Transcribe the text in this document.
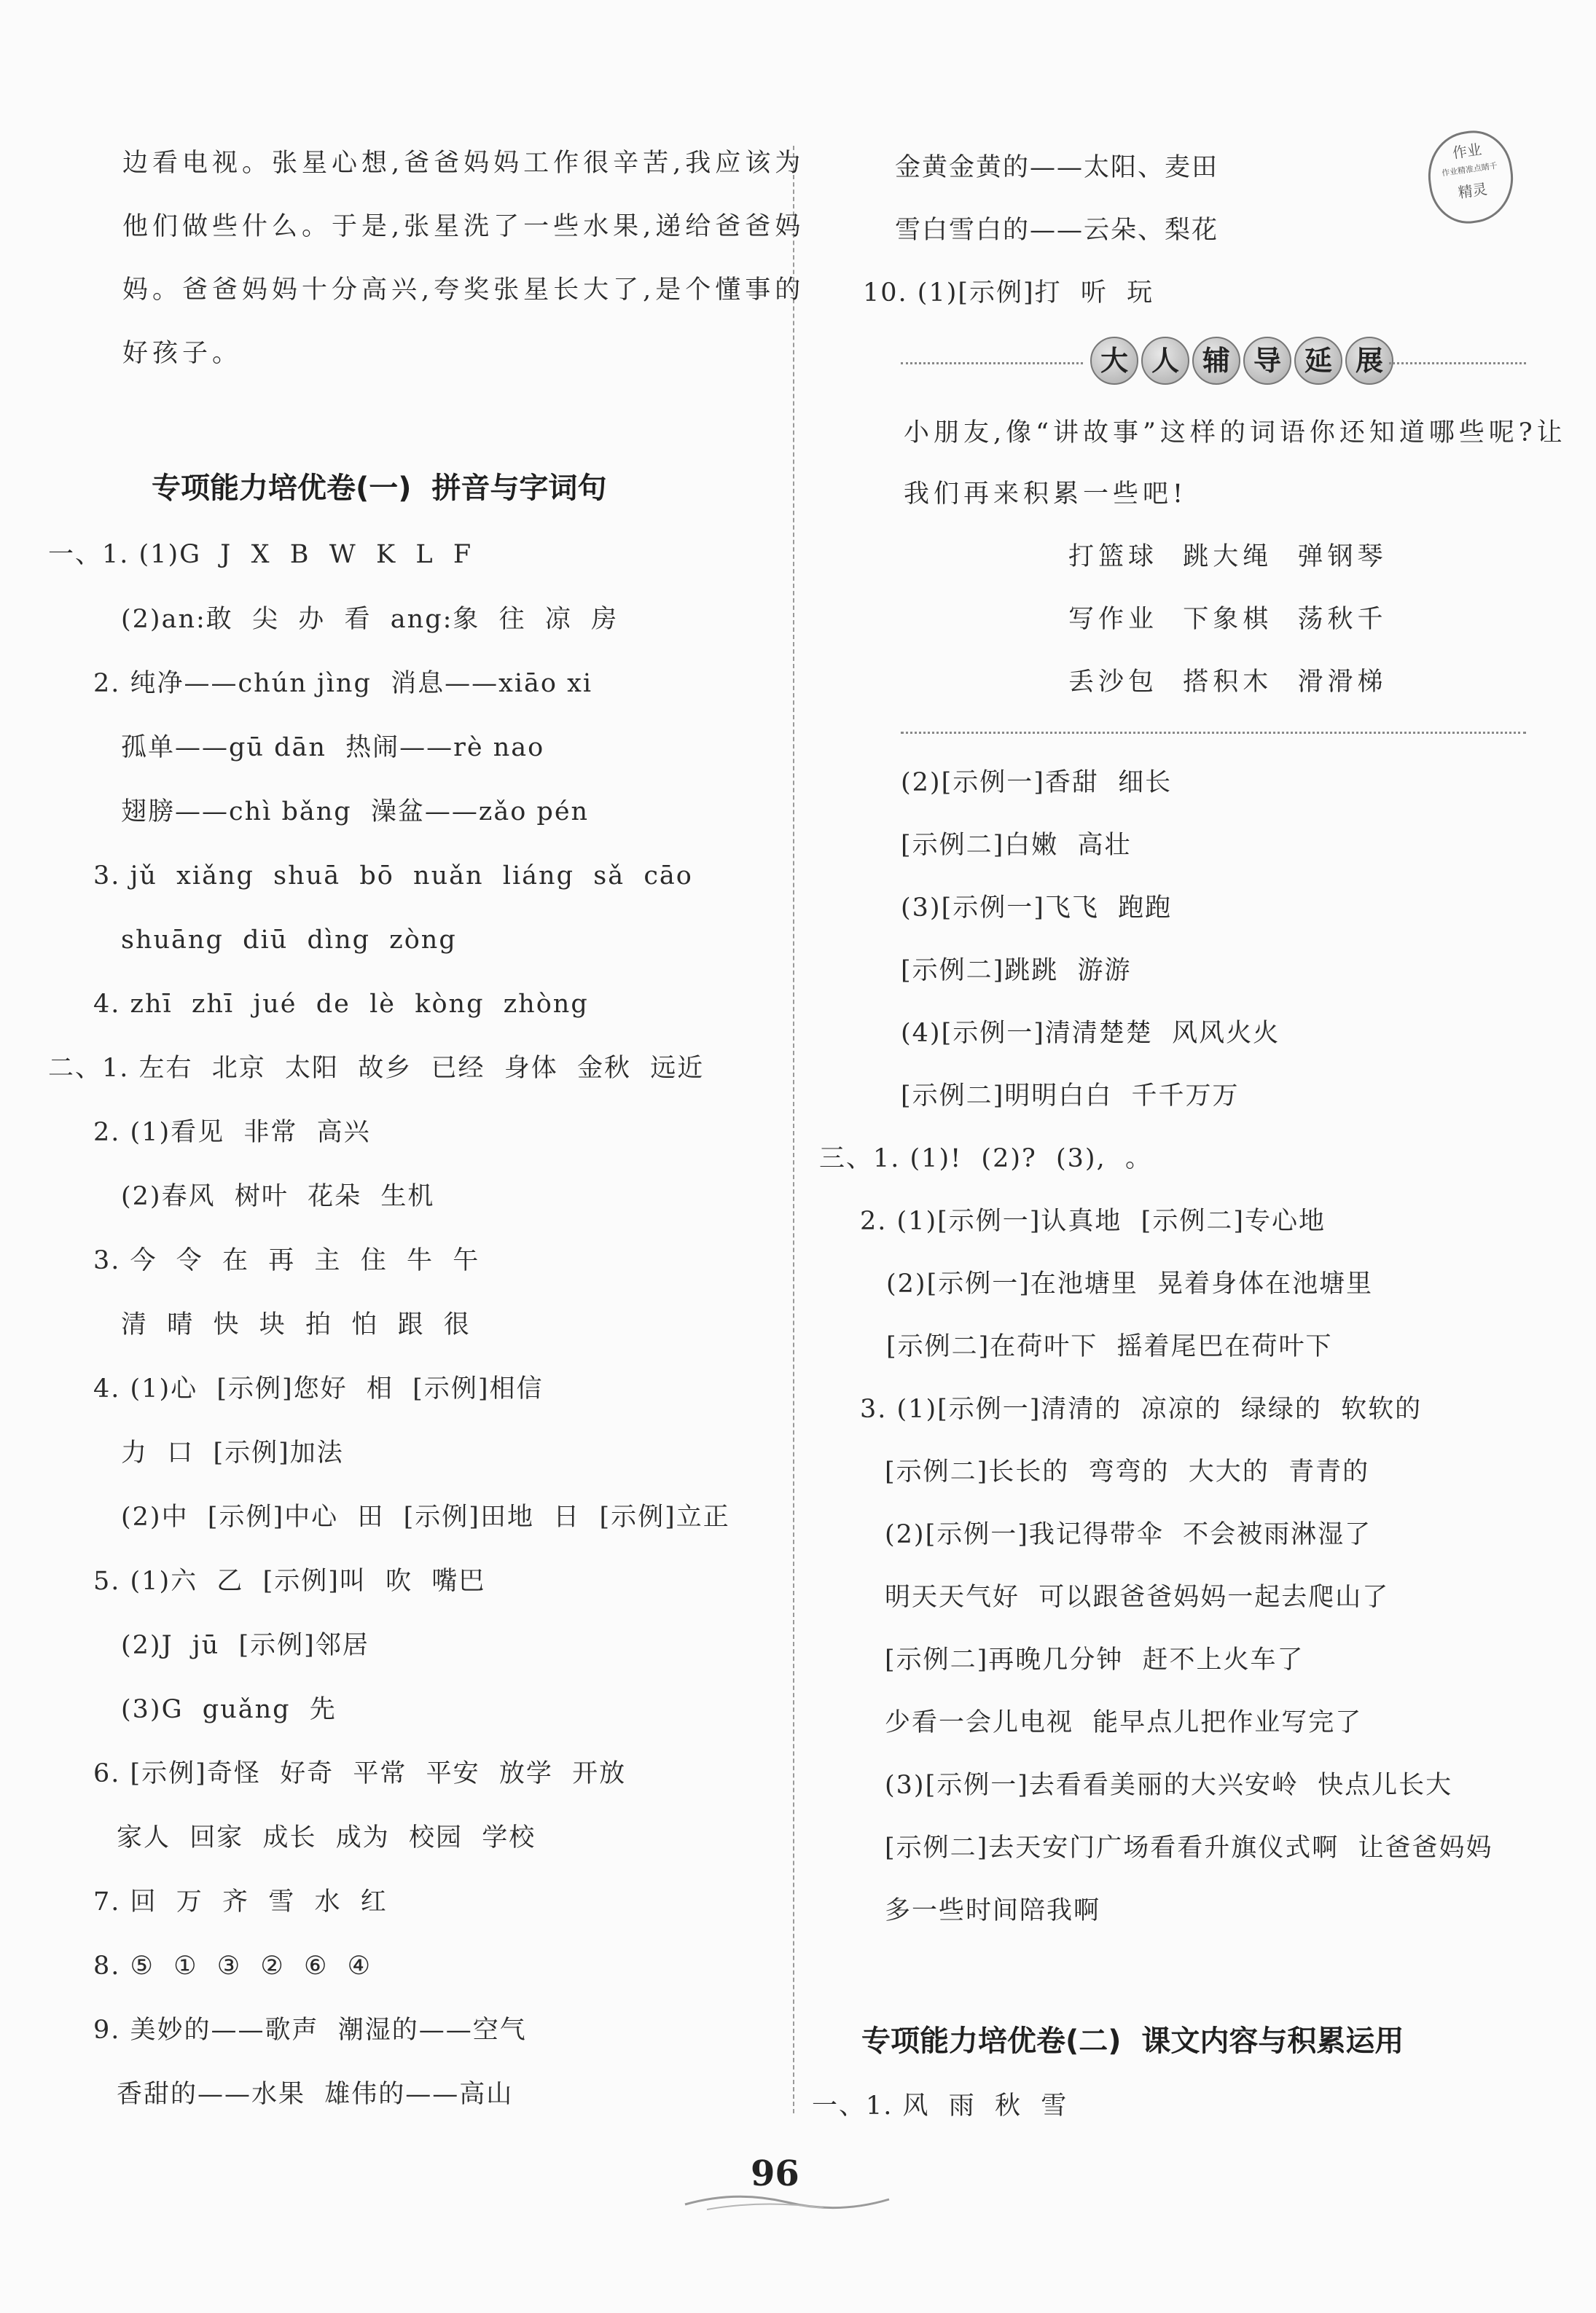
边看电视。张星心想,爸爸妈妈工作很辛苦,我应该为
他们做些什么。于是,张星洗了一些水果,递给爸爸妈
妈。爸爸妈妈十分高兴,夸奖张星长大了,是个懂事的
好孩子。
专项能力培优卷(一)  拼音与字词句
一、1. (1)G  J  X  B  W  K  L  F
(2)an:敢  尖  办  看  ang:象  往  凉  房
2. 纯净——chún jìng  消息——xiāo xi
孤单——gū dān  热闹——rè nao
翅膀——chì bǎng  澡盆——zǎo pén
3. jǔ  xiǎng  shuā  bō  nuǎn  liáng  sǎ  cāo
shuāng  diū  dìng  zòng
4. zhī  zhī  jué  de  lè  kòng  zhòng
二、1. 左右  北京  太阳  故乡  已经  身体  金秋  远近
2. (1)看见  非常  高兴
(2)春风  树叶  花朵  生机
3. 今  令  在  再  主  住  牛  午
清  晴  快  块  拍  怕  跟  很
4. (1)心  [示例]您好  相  [示例]相信
力  口  [示例]加法
(2)中  [示例]中心  田  [示例]田地  日  [示例]立正
5. (1)六  乙  [示例]叫  吹  嘴巴
(2)J  jū  [示例]邻居
(3)G  guǎng  先
6. [示例]奇怪  好奇  平常  平安  放学  开放
家人  回家  成长  成为  校园  学校
7. 回  万  齐  雪  水  红
8. ⑤  ①  ③  ②  ⑥  ④
9. 美妙的——歌声  潮湿的——空气
香甜的——水果  雄伟的——高山
金黄金黄的——太阳、麦田
雪白雪白的——云朵、梨花
10. (1)[示例]打  听  玩
大 人 辅 导 延 展
小朋友,像“讲故事”这样的词语你还知道哪些呢?让
我们再来积累一些吧!
打篮球  跳大绳  弹钢琴
写作业  下象棋  荡秋千
丢沙包  搭积木  滑滑梯
(2)[示例一]香甜  细长
[示例二]白嫩  高壮
(3)[示例一]飞飞  跑跑
[示例二]跳跳  游游
(4)[示例一]清清楚楚  风风火火
[示例二]明明白白  千千万万
三、1. (1)!  (2)?  (3),  。
2. (1)[示例一]认真地  [示例二]专心地
(2)[示例一]在池塘里  晃着身体在池塘里
[示例二]在荷叶下  摇着尾巴在荷叶下
3. (1)[示例一]清清的  凉凉的  绿绿的  软软的
[示例二]长长的  弯弯的  大大的  青青的
(2)[示例一]我记得带伞  不会被雨淋湿了
明天天气好  可以跟爸爸妈妈一起去爬山了
[示例二]再晚几分钟  赶不上火车了
少看一会儿电视  能早点儿把作业写完了
(3)[示例一]去看看美丽的大兴安岭  快点儿长大
[示例二]去天安门广场看看升旗仪式啊  让爸爸妈妈
多一些时间陪我啊
专项能力培优卷(二)  课文内容与积累运用
一、1. 风  雨  秋  雪
作业
作业精准点睛千
精灵
96
